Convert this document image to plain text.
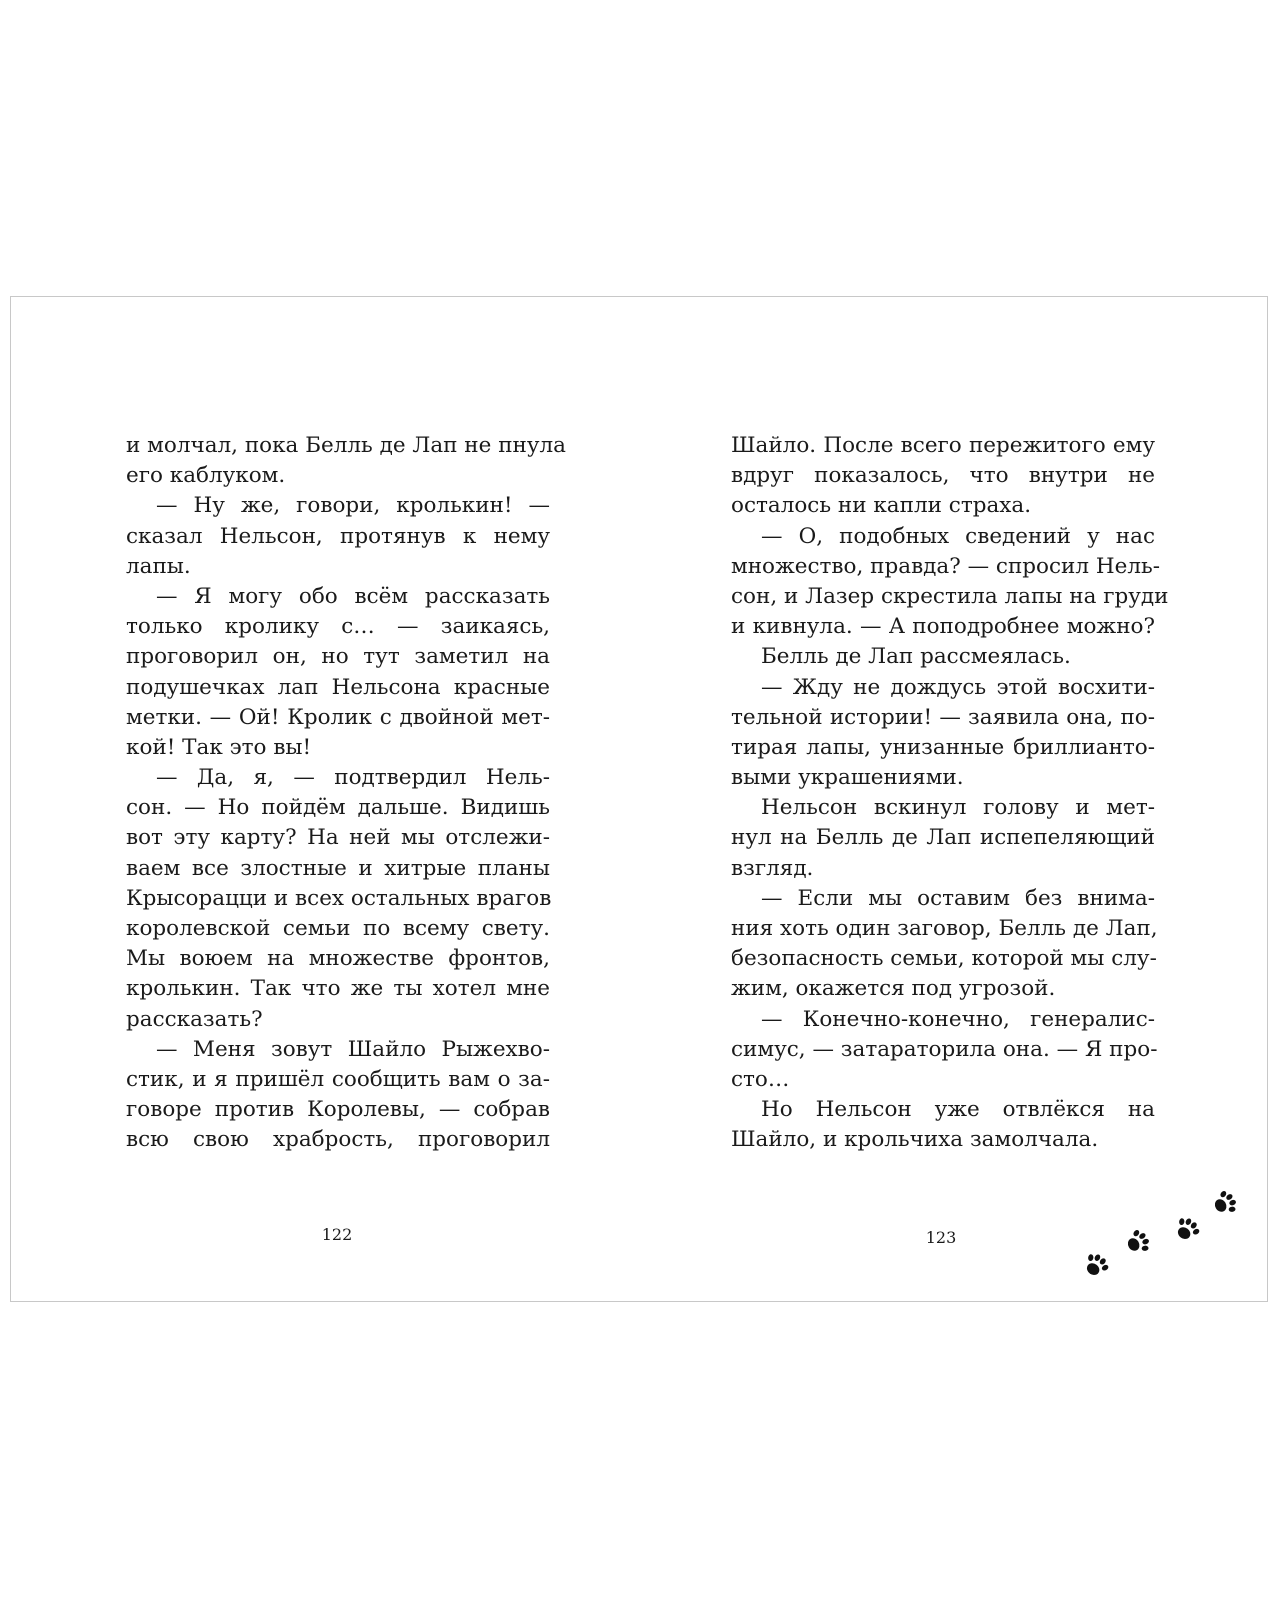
и молчал, пока Белль де Лап не пнула
его каблуком.
— Ну же, говори, кролькин! —
сказал Нельсон, протянув к нему
лапы.
— Я могу обо всём рассказать
только кролику с… — заикаясь,
проговорил он, но тут заметил на
подушечках лап Нельсона красные
метки. — Ой! Кролик с двойной мет-
кой! Так это вы!
— Да, я, — подтвердил Нель-
сон. — Но пойдём дальше. Видишь
вот эту карту? На ней мы отслежи-
ваем все злостные и хитрые планы
Крысорацци и всех остальных врагов
королевской семьи по всему свету.
Мы воюем на множестве фронтов,
кролькин. Так что же ты хотел мне
рассказать?
— Меня зовут Шайло Рыжехво-
стик, и я пришёл сообщить вам о за-
говоре против Королевы, — собрав
всю свою храбрость, проговорил
Шайло. После всего пережитого ему
вдруг показалось, что внутри не
осталось ни капли страха.
— О, подобных сведений у нас
множество, правда? — спросил Нель-
сон, и Лазер скрестила лапы на груди
и кивнула. — А поподробнее можно?
Белль де Лап рассмеялась.
— Жду не дождусь этой восхити-
тельной истории! — заявила она, по-
тирая лапы, унизанные бриллианто-
выми украшениями.
Нельсон вскинул голову и мет-
нул на Белль де Лап испепеляющий
взгляд.
— Если мы оставим без внима-
ния хоть один заговор, Белль де Лап,
безопасность семьи, которой мы слу-
жим, окажется под угрозой.
— Конечно-конечно, генералис-
симус, — затараторила она. — Я про-
сто…
Но Нельсон уже отвлёкся на
Шайло, и крольчиха замолчала.
122	123
